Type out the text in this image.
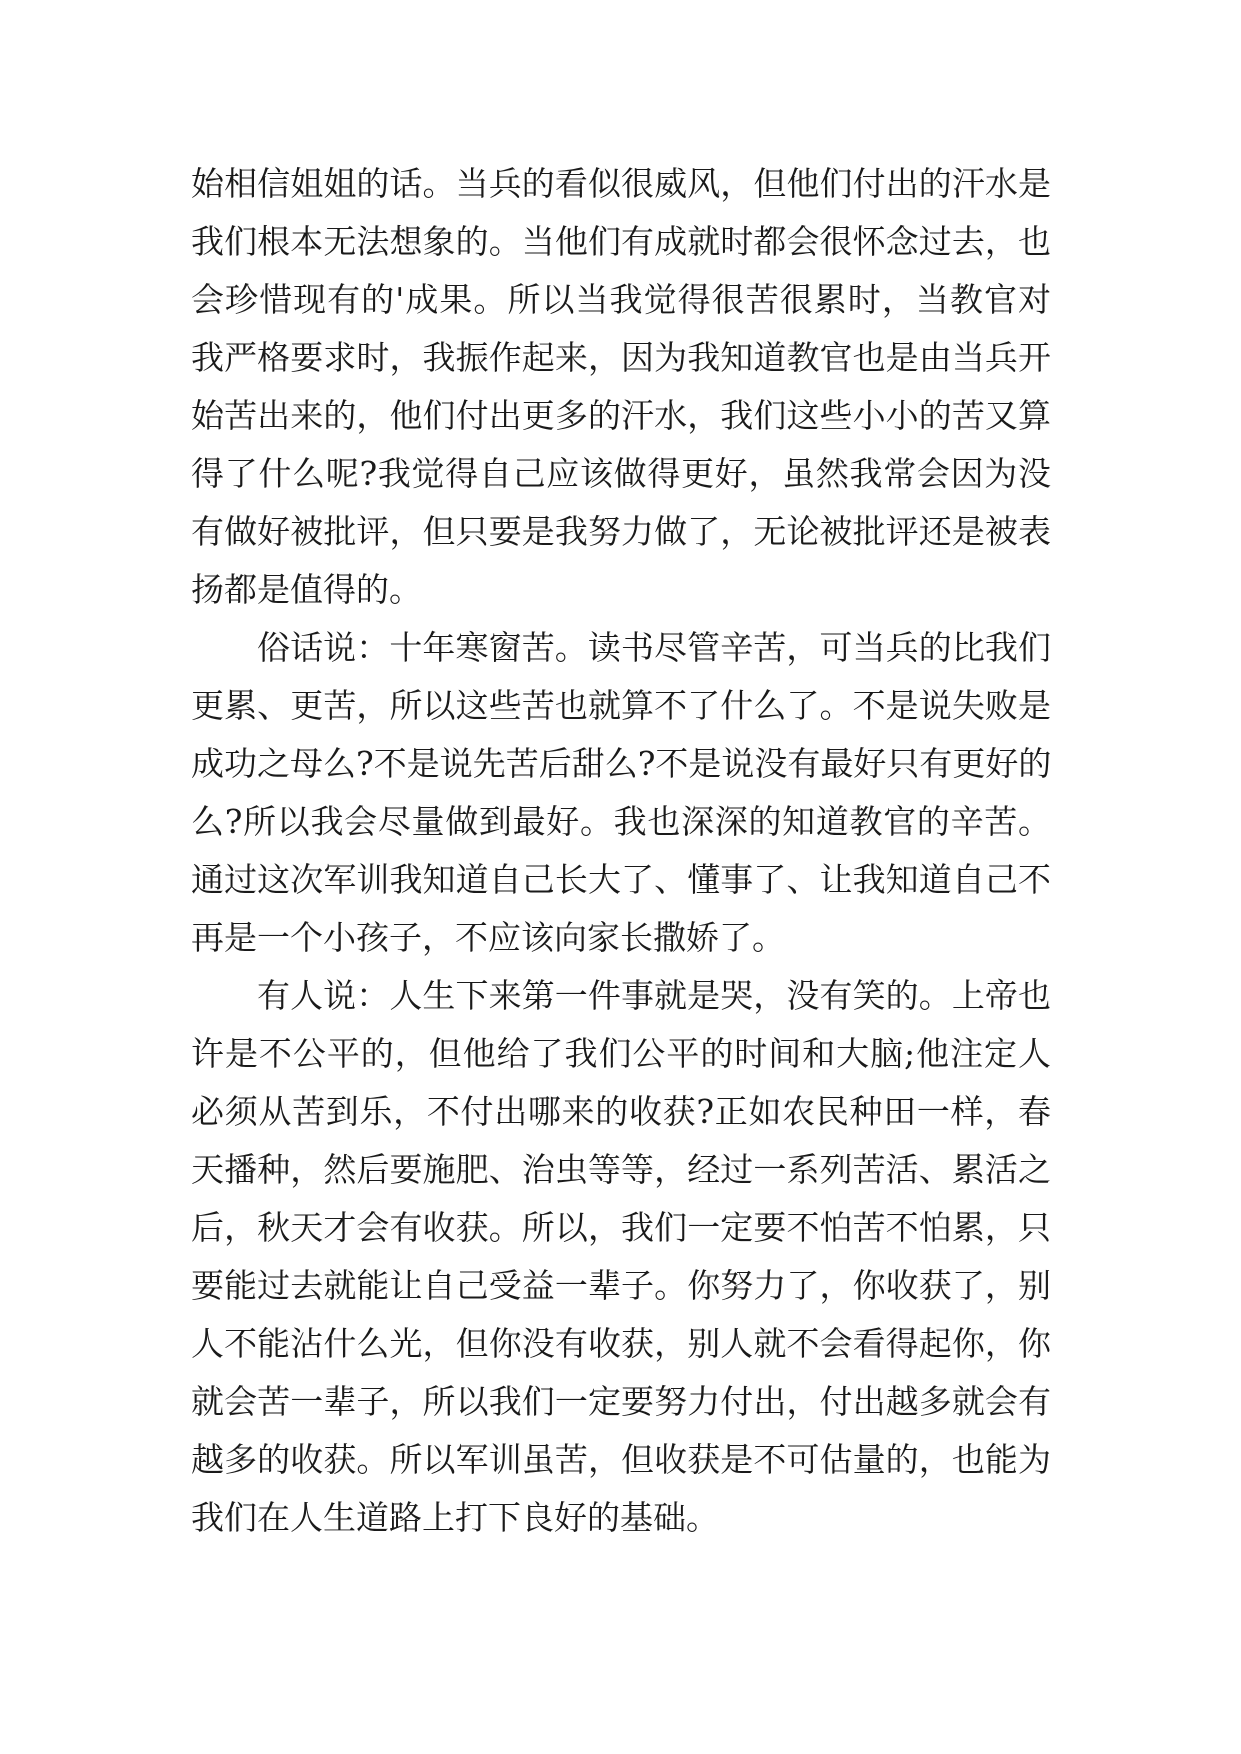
始相信姐姐的话。当兵的看似很威风，但他们付出的汗水是
我们根本无法想象的。当他们有成就时都会很怀念过去，也
会珍惜现有的'成果。所以当我觉得很苦很累时，当教官对
我严格要求时，我振作起来，因为我知道教官也是由当兵开
始苦出来的，他们付出更多的汗水，我们这些小小的苦又算
得了什么呢?我觉得自己应该做得更好，虽然我常会因为没
有做好被批评，但只要是我努力做了，无论被批评还是被表
扬都是值得的。
俗话说：十年寒窗苦。读书尽管辛苦，可当兵的比我们
更累、更苦，所以这些苦也就算不了什么了。不是说失败是
成功之母么?不是说先苦后甜么?不是说没有最好只有更好的
么?所以我会尽量做到最好。我也深深的知道教官的辛苦。
通过这次军训我知道自己长大了、懂事了、让我知道自己不
再是一个小孩子，不应该向家长撒娇了。
有人说：人生下来第一件事就是哭，没有笑的。上帝也
许是不公平的，但他给了我们公平的时间和大脑;他注定人
必须从苦到乐，不付出哪来的收获?正如农民种田一样，春
天播种，然后要施肥、治虫等等，经过一系列苦活、累活之
后，秋天才会有收获。所以，我们一定要不怕苦不怕累，只
要能过去就能让自己受益一辈子。你努力了，你收获了，别
人不能沾什么光，但你没有收获，别人就不会看得起你，你
就会苦一辈子，所以我们一定要努力付出，付出越多就会有
越多的收获。所以军训虽苦，但收获是不可估量的，也能为
我们在人生道路上打下良好的基础。
